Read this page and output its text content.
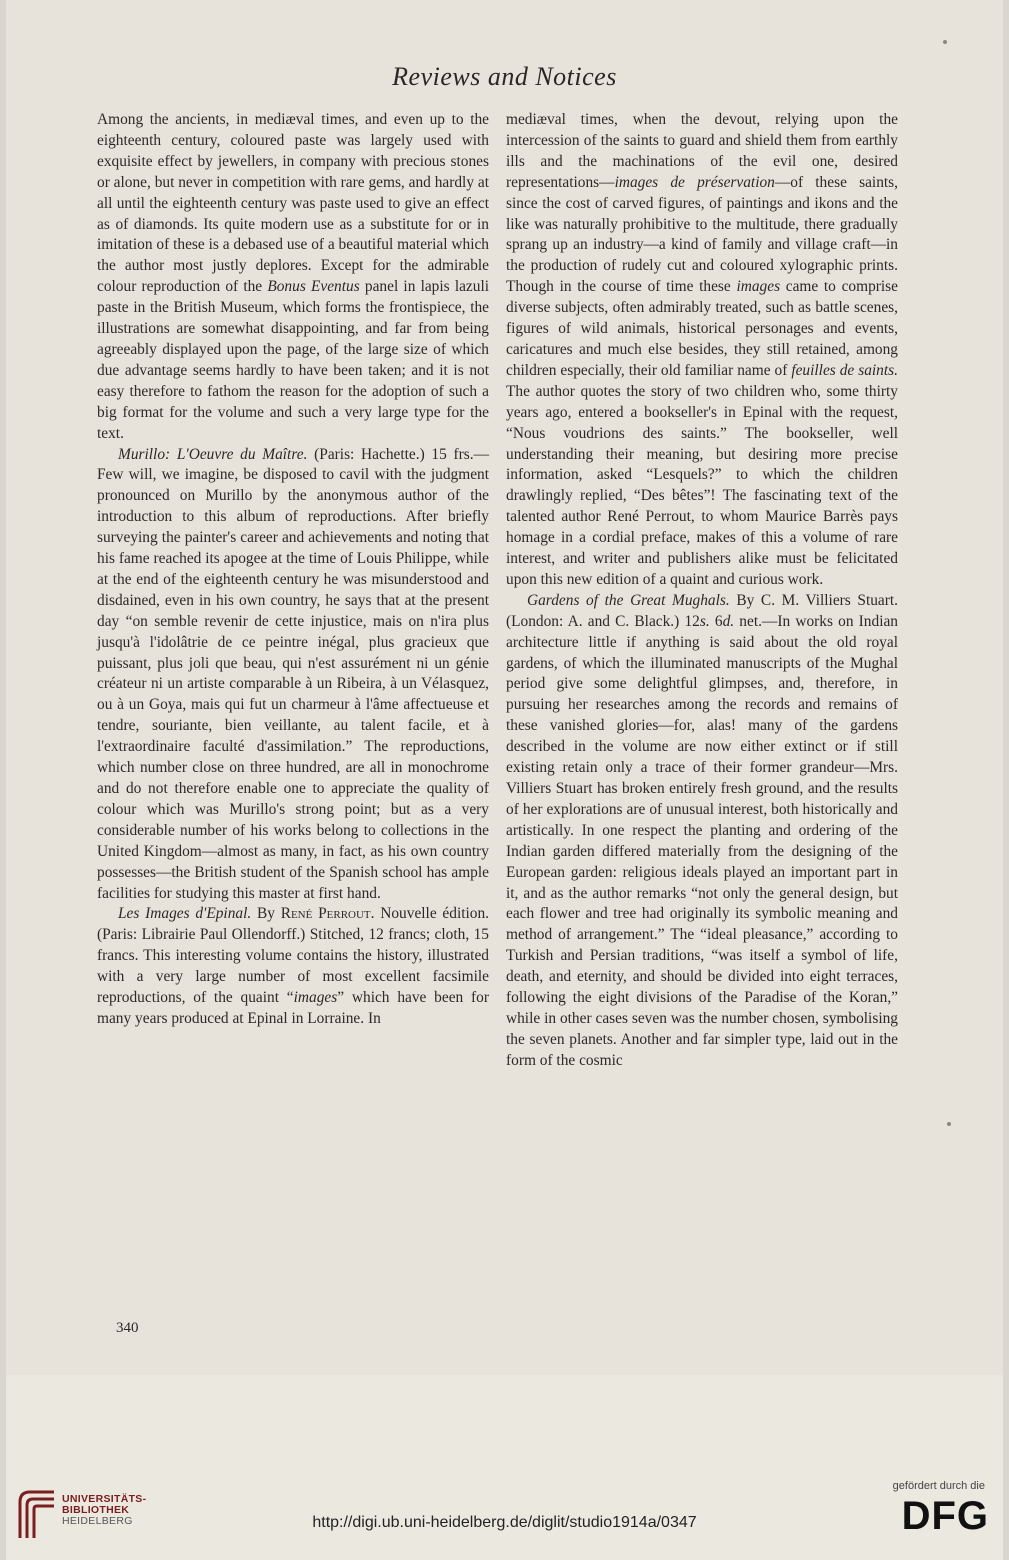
Reviews and Notices

Among the ancients, in mediæval times, and even up to the eighteenth century, coloured paste was largely used with exquisite effect by jewellers, in company with precious stones or alone, but never in competition with rare gems, and hardly at all until the eighteenth century was paste used to give an effect as of diamonds. Its quite modern use as a substitute for or in imitation of these is a debased use of a beautiful material which the author most justly deplores. Except for the admirable colour reproduction of the Bonus Eventus panel in lapis lazuli paste in the British Museum, which forms the frontispiece, the illustrations are somewhat disappointing, and far from being agreeably displayed upon the page, of the large size of which due advantage seems hardly to have been taken; and it is not easy therefore to fathom the reason for the adoption of such a big format for the volume and such a very large type for the text.

Murillo: L'Oeuvre du Maître. (Paris: Hachette.) 15 frs.—Few will, we imagine, be disposed to cavil with the judgment pronounced on Murillo by the anonymous author of the introduction to this album of reproductions. After briefly surveying the painter's career and achievements and noting that his fame reached its apogee at the time of Louis Philippe, while at the end of the eighteenth century he was misunderstood and disdained, even in his own country, he says that at the present day “on semble revenir de cette injustice, mais on n'ira plus jusqu'à l'idolâtrie de ce peintre inégal, plus gracieux que puissant, plus joli que beau, qui n'est assurément ni un génie créateur ni un artiste comparable à un Ribeira, à un Vélasquez, ou à un Goya, mais qui fut un charmeur à l'âme affectueuse et tendre, souriante, bien veillante, au talent facile, et à l'extraordinaire faculté d'assimilation.” The reproductions, which number close on three hundred, are all in monochrome and do not therefore enable one to appreciate the quality of colour which was Murillo's strong point; but as a very considerable number of his works belong to collections in the United Kingdom—almost as many, in fact, as his own country possesses—the British student of the Spanish school has ample facilities for studying this master at first hand.

Les Images d'Epinal. By René Perrout. Nouvelle édition. (Paris: Librairie Paul Ollendorff.) Stitched, 12 francs; cloth, 15 francs. This interesting volume contains the history, illustrated with a very large number of most excellent facsimile reproductions, of the quaint “images” which have been for many years produced at Epinal in Lorraine. In

mediæval times, when the devout, relying upon the intercession of the saints to guard and shield them from earthly ills and the machinations of the evil one, desired representations—images de préservation—of these saints, since the cost of carved figures, of paintings and ikons and the like was naturally prohibitive to the multitude, there gradually sprang up an industry—a kind of family and village craft—in the production of rudely cut and coloured xylographic prints. Though in the course of time these images came to comprise diverse subjects, often admirably treated, such as battle scenes, figures of wild animals, historical personages and events, caricatures and much else besides, they still retained, among children especially, their old familiar name of feuilles de saints. The author quotes the story of two children who, some thirty years ago, entered a bookseller's in Epinal with the request, “Nous voudrions des saints.” The bookseller, well understanding their meaning, but desiring more precise information, asked “Lesquels?” to which the children drawlingly replied, “Des bêtes”! The fascinating text of the talented author René Perrout, to whom Maurice Barrès pays homage in a cordial preface, makes of this a volume of rare interest, and writer and publishers alike must be felicitated upon this new edition of a quaint and curious work.

Gardens of the Great Mughals. By C. M. Villiers Stuart. (London: A. and C. Black.) 12s. 6d. net.—In works on Indian architecture little if anything is said about the old royal gardens, of which the illuminated manuscripts of the Mughal period give some delightful glimpses, and, therefore, in pursuing her researches among the records and remains of these vanished glories—for, alas! many of the gardens described in the volume are now either extinct or if still existing retain only a trace of their former grandeur—Mrs. Villiers Stuart has broken entirely fresh ground, and the results of her explorations are of unusual interest, both historically and artistically. In one respect the planting and ordering of the Indian garden differed materially from the designing of the European garden: religious ideals played an important part in it, and as the author remarks “not only the general design, but each flower and tree had originally its symbolic meaning and method of arrangement.” The “ideal pleasance,” according to Turkish and Persian traditions, “was itself a symbol of life, death, and eternity, and should be divided into eight terraces, following the eight divisions of the Paradise of the Koran,” while in other cases seven was the number chosen, symbolising the seven planets. Another and far simpler type, laid out in the form of the cosmic

340
UNIVERSITÄTS-
BIBLIOTHEK
HEIDELBERG	http://digi.ub.uni-heidelberg.de/diglit/studio1914a/0347
gefördert durch die
DFG
